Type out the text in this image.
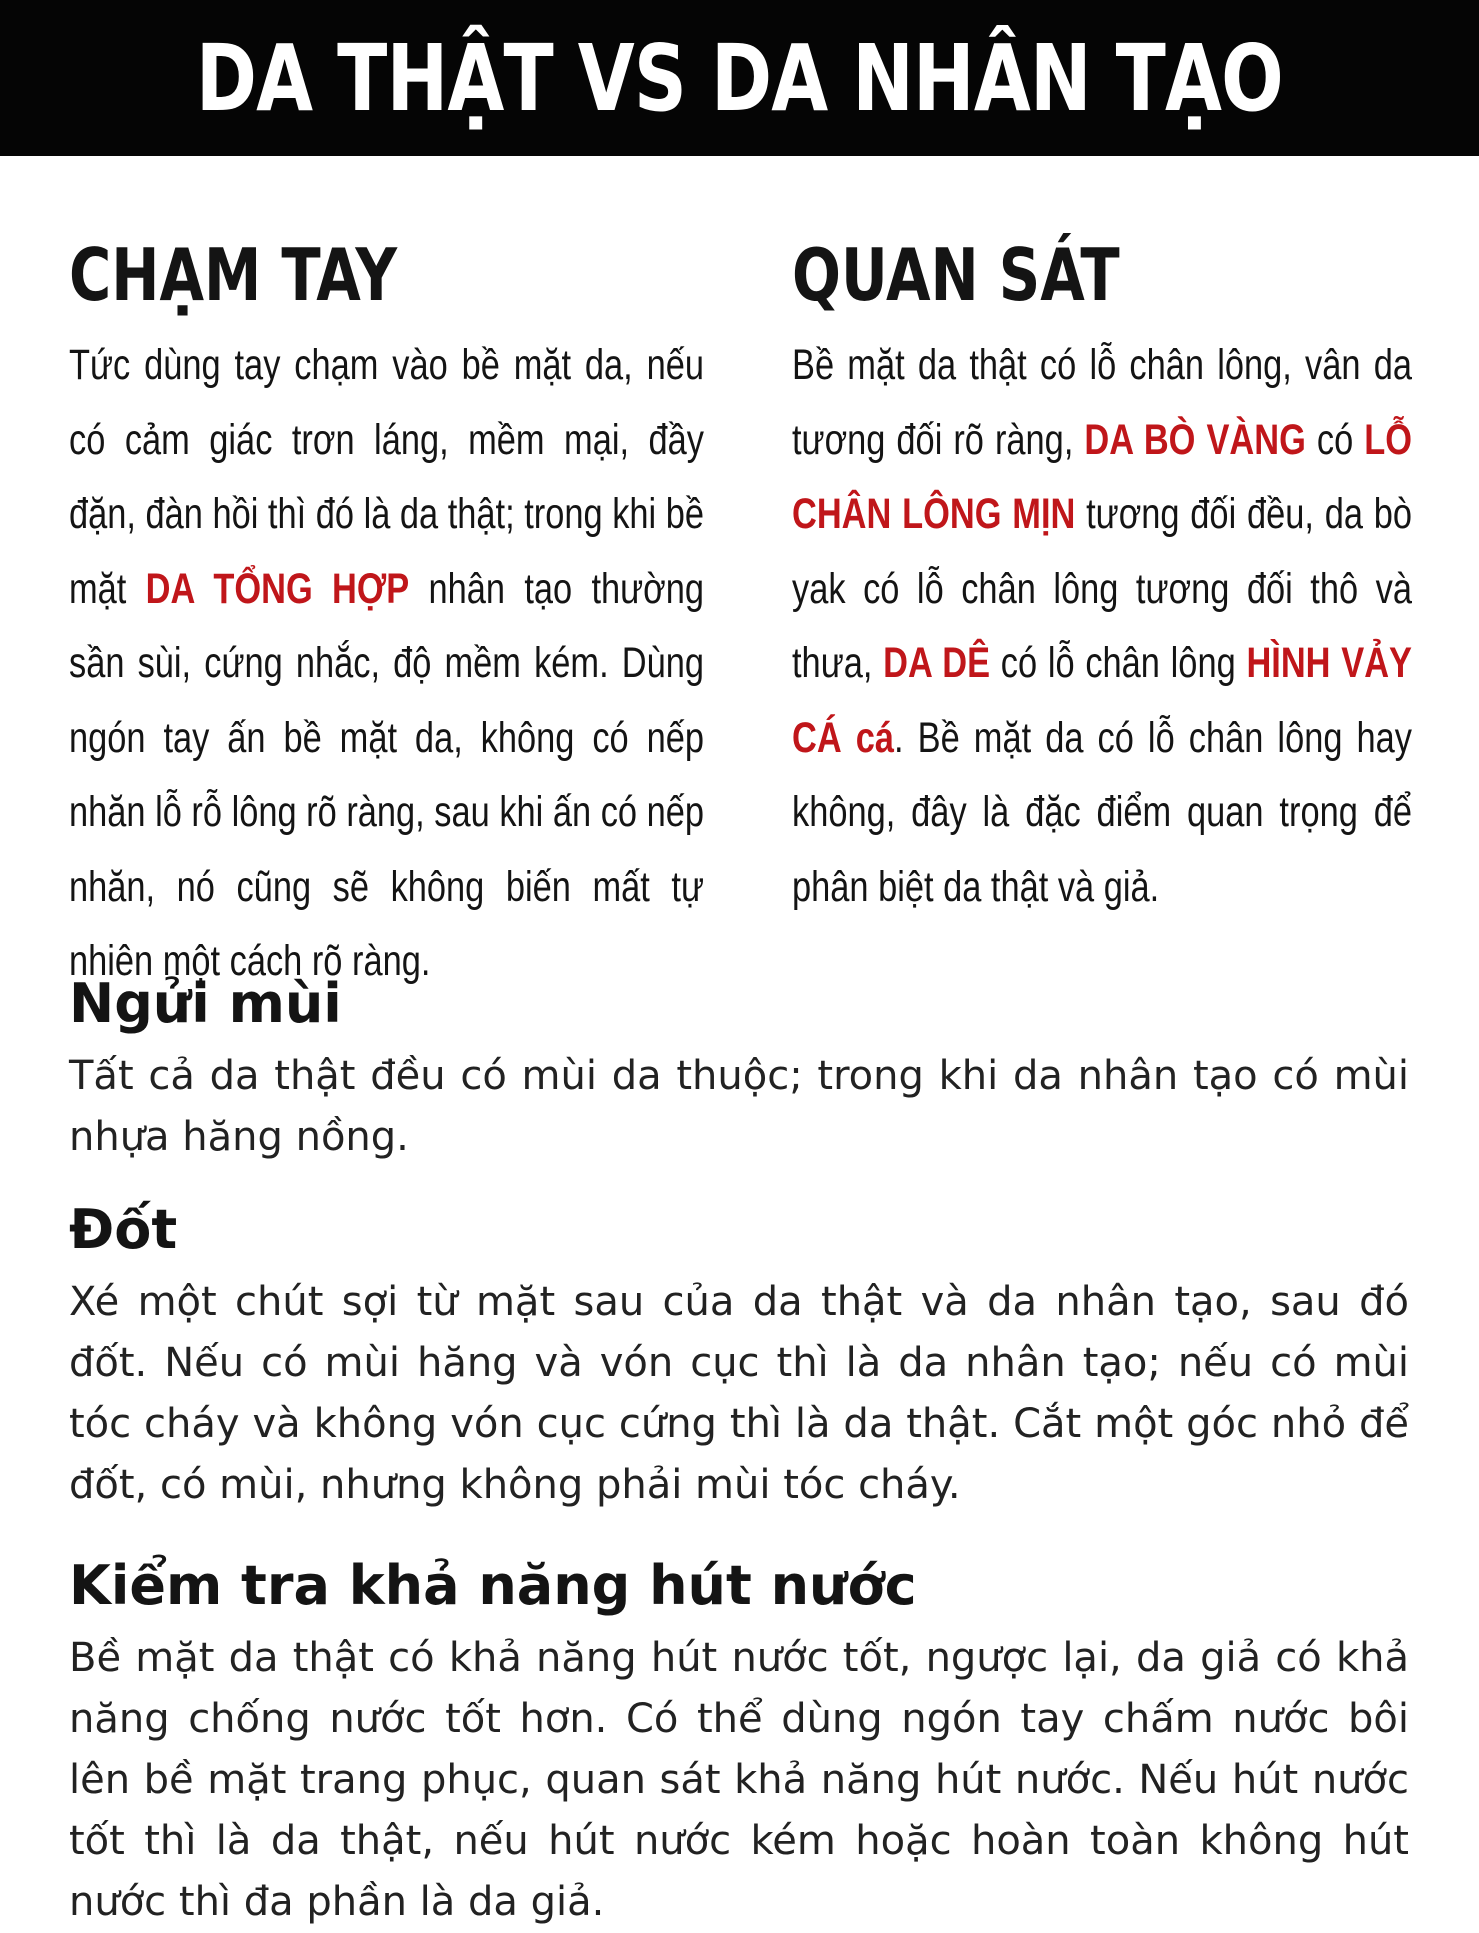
DA THẬT VS DA NHÂN TẠO
CHẠM TAY
Tức dùng tay chạm vào bề mặt da, nếu có cảm giác trơn láng, mềm mại, đầy đặn, đàn hồi thì đó là da thật; trong khi bề mặt DA TỔNG HỢP nhân tạo thường sần sùi, cứng nhắc, độ mềm kém. Dùng ngón tay ấn bề mặt da, không có nếp nhăn lỗ rỗ lông rõ ràng, sau khi ấn có nếp nhăn, nó cũng sẽ không biến mất tự nhiên một cách rõ ràng.
QUAN SÁT
Bề mặt da thật có lỗ chân lông, vân da tương đối rõ ràng, DA BÒ VÀNG có LỖ CHÂN LÔNG MỊN tương đối đều, da bò yak có lỗ chân lông tương đối thô và thưa, DA DÊ có lỗ chân lông HÌNH VẢY CÁ cá. Bề mặt da có lỗ chân lông hay không, đây là đặc điểm quan trọng để phân biệt da thật và giả.
Ngửi mùi

Tất cả da thật đều có mùi da thuộc; trong khi da nhân tạo có mùi nhựa hăng nồng.

Đốt

Xé một chút sợi từ mặt sau của da thật và da nhân tạo, sau đó đốt. Nếu có mùi hăng và vón cục thì là da nhân tạo; nếu có mùi tóc cháy và không vón cục cứng thì là da thật. Cắt một góc nhỏ để đốt, có mùi, nhưng không phải mùi tóc cháy.

Kiểm tra khả năng hút nước

Bề mặt da thật có khả năng hút nước tốt, ngược lại, da giả có khả năng chống nước tốt hơn. Có thể dùng ngón tay chấm nước bôi lên bề mặt trang phục, quan sát khả năng hút nước. Nếu hút nước tốt thì là da thật, nếu hút nước kém hoặc hoàn toàn không hút nước thì đa phần là da giả.
